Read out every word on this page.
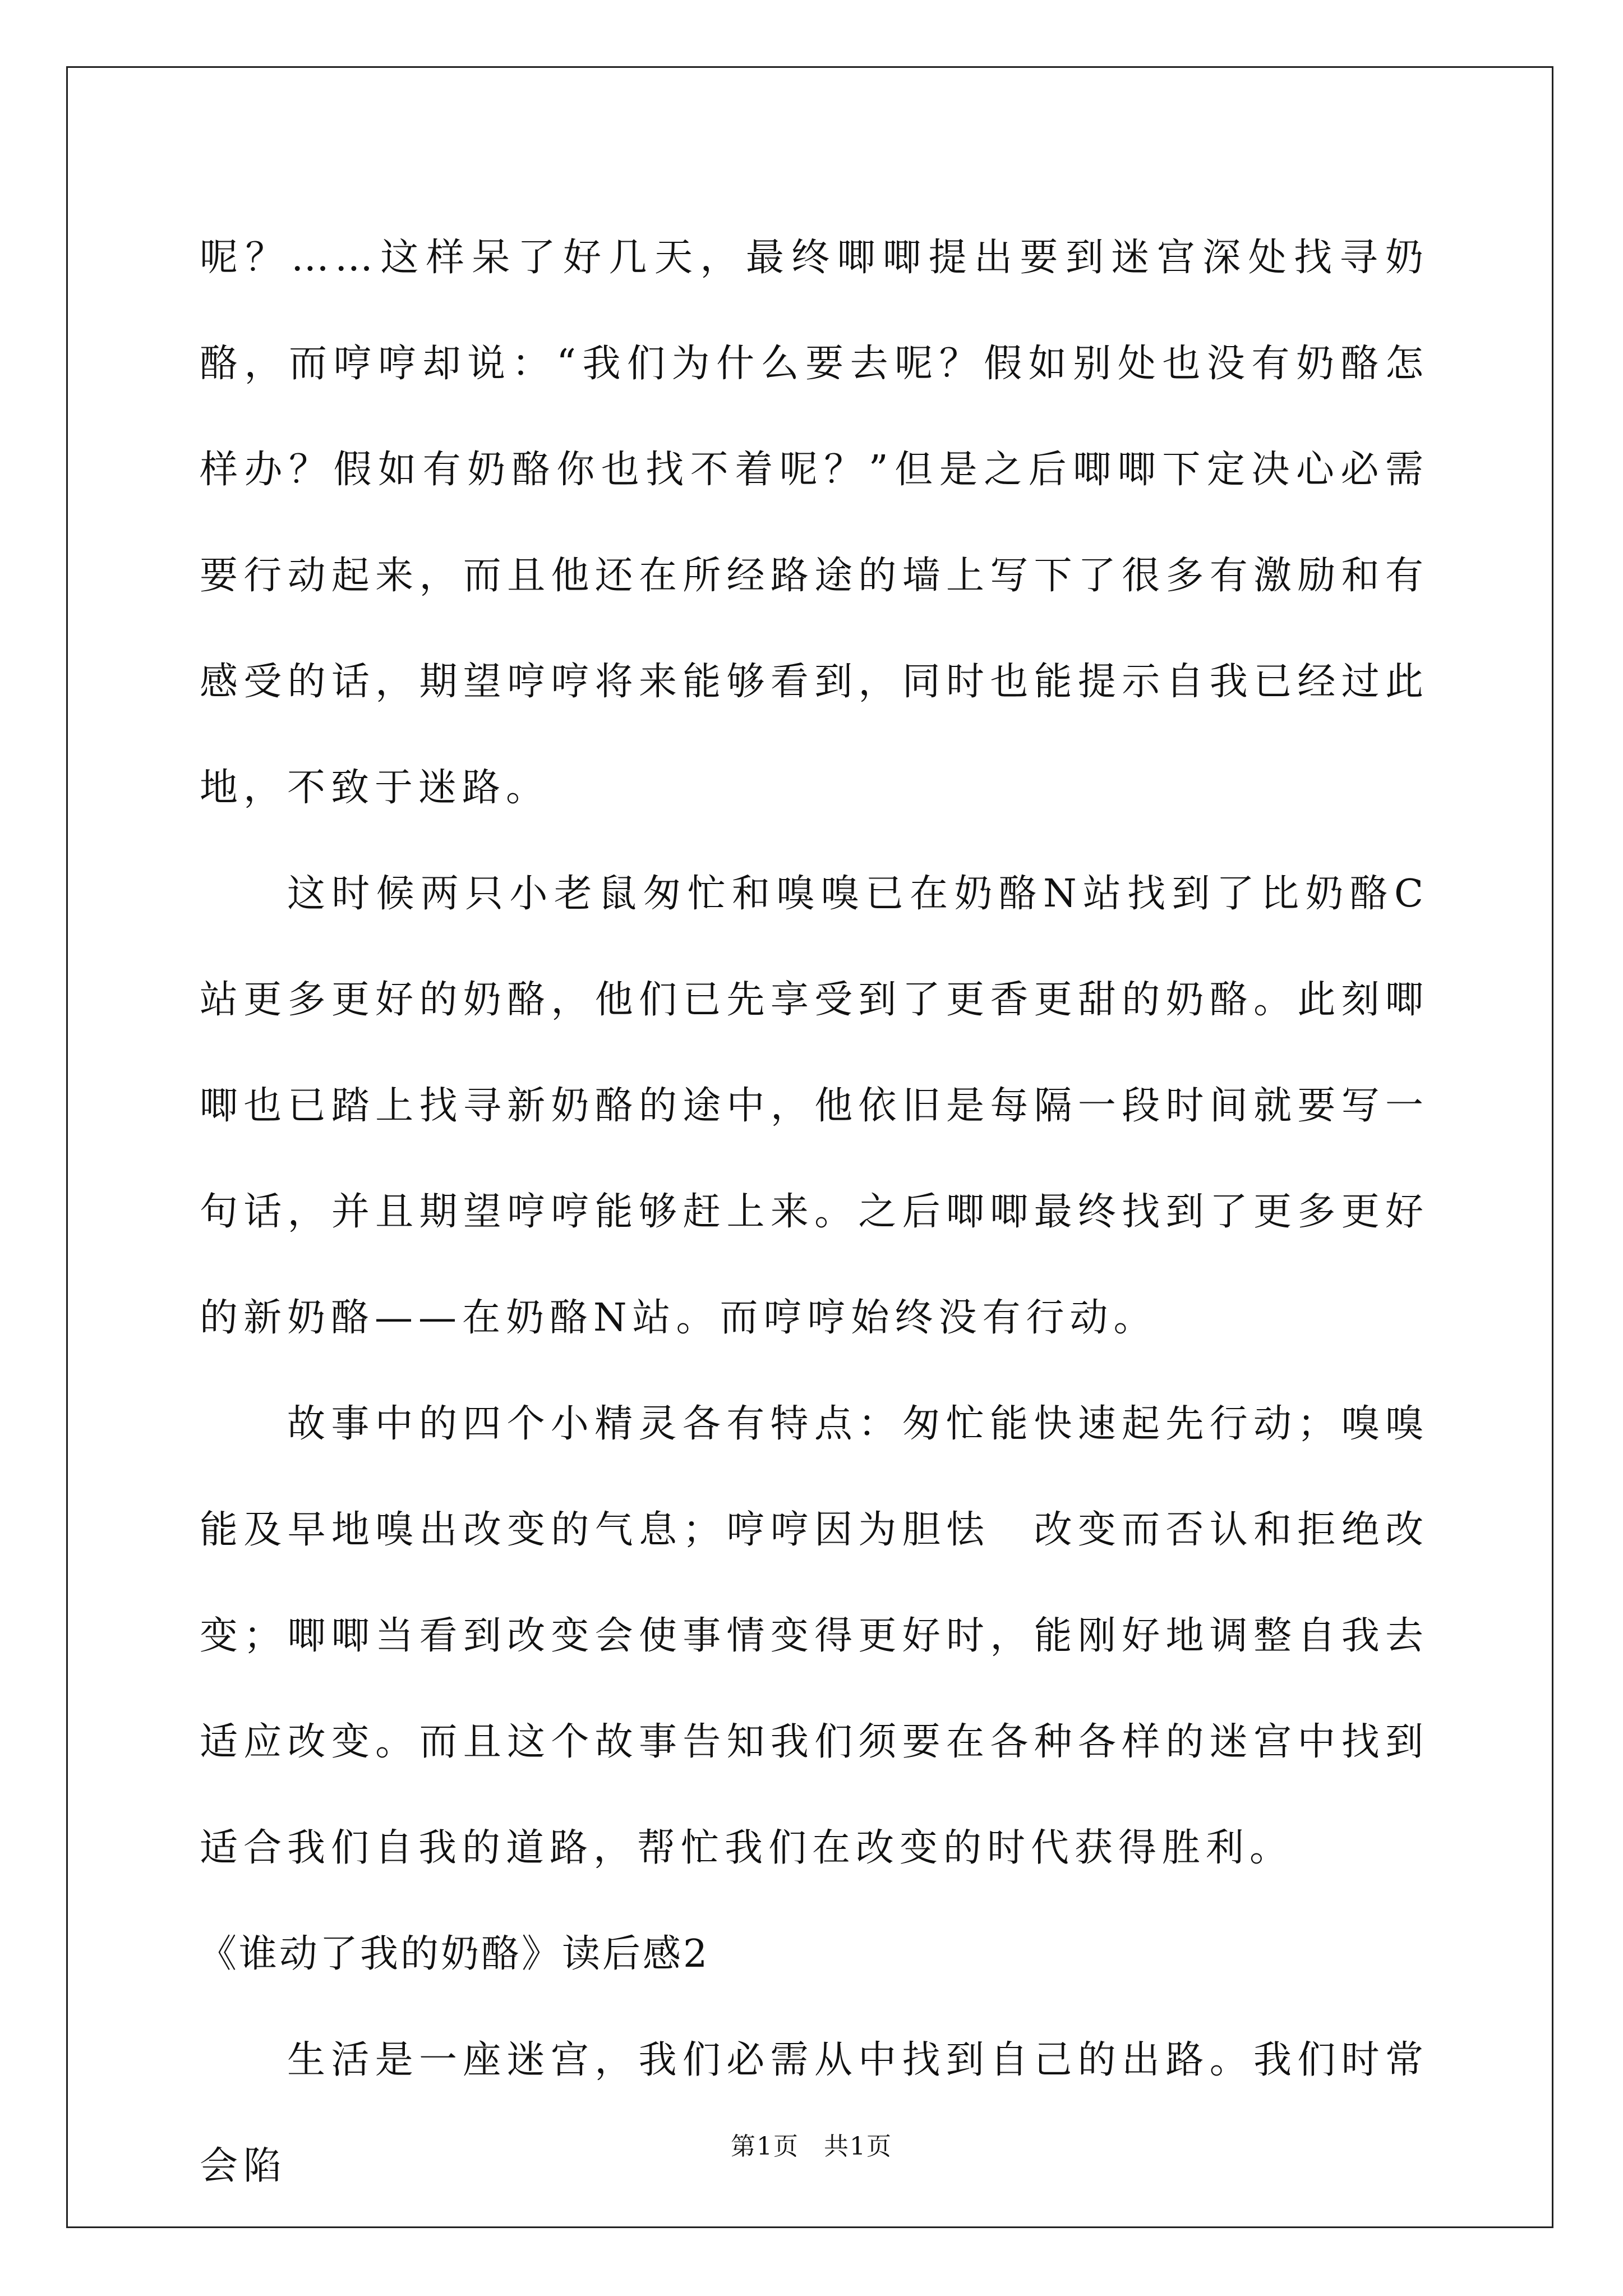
呢？……这样呆了好几天，最终唧唧提出要到迷宫深处找寻奶酪，而哼哼却说：“我们为什么要去呢？假如别处也没有奶酪怎样办？假如有奶酪你也找不着呢？”但是之后唧唧下定决心必需要行动起来，而且他还在所经路途的墙上写下了很多有激励和有感受的话，期望哼哼将来能够看到，同时也能提示自我已经过此地，不致于迷路。

这时候两只小老鼠匆忙和嗅嗅已在奶酪N站找到了比奶酪C站更多更好的奶酪，他们已先享受到了更香更甜的奶酪。此刻唧唧也已踏上找寻新奶酪的途中，他依旧是每隔一段时间就要写一句话，并且期望哼哼能够赶上来。之后唧唧最终找到了更多更好的新奶酪——在奶酪N站。而哼哼始终没有行动。

故事中的四个小精灵各有特点：匆忙能快速起先行动；嗅嗅能及早地嗅出改变的气息；哼哼因为胆怯　改变而否认和拒绝改变；唧唧当看到改变会使事情变得更好时，能刚好地调整自我去适应改变。而且这个故事告知我们须要在各种各样的迷宫中找到适合我们自我的道路，帮忙我们在改变的时代获得胜利。

《谁动了我的奶酪》读后感2

生活是一座迷宫，我们必需从中找到自己的出路。我们时常会陷	第1页 共1页
